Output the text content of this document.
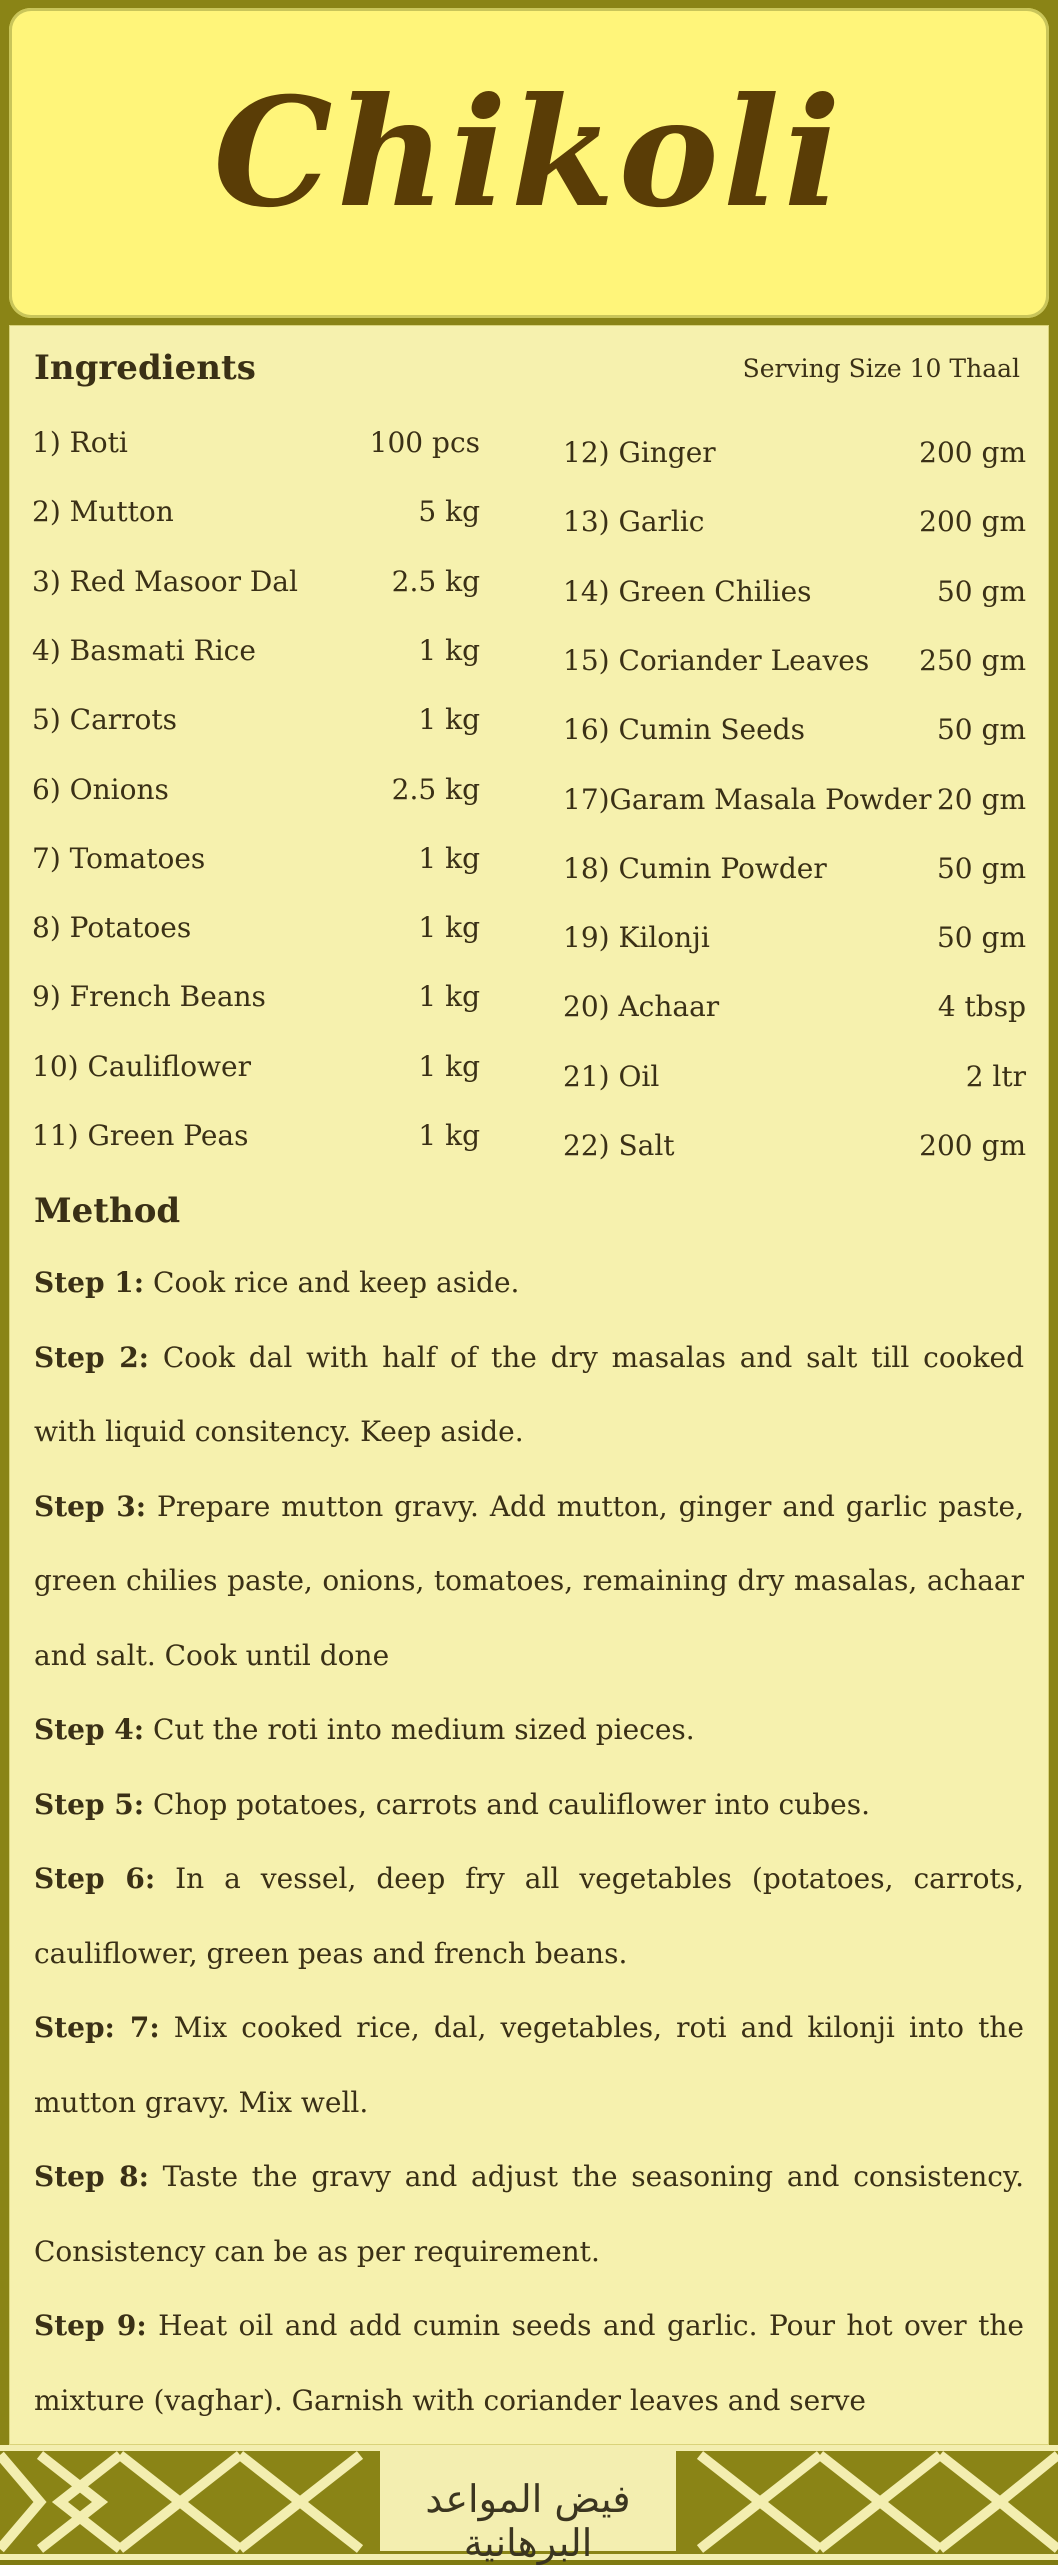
Chikoli
Ingredients	Serving Size 10 Thaal
1) Roti	100 pcs
2) Mutton	5 kg
3) Red Masoor Dal	2.5 kg
4) Basmati Rice	1 kg
5) Carrots	1 kg
6) Onions	2.5 kg
7) Tomatoes	1 kg
8) Potatoes	1 kg
9) French Beans	1 kg
10) Cauliflower	1 kg
11) Green Peas	1 kg
12) Ginger	200 gm
13) Garlic	200 gm
14) Green Chilies	50 gm
15) Coriander Leaves	250 gm
16) Cumin Seeds	50 gm
17)Garam Masala Powder 20 gm
18) Cumin Powder	50 gm
19) Kilonji	50 gm
20) Achaar	4 tbsp
21) Oil	2 ltr
22) Salt	200 gm
Method
Step 1: Cook rice and keep aside.
Step 2: Cook dal with half of the dry masalas and salt till cooked
with liquid consitency. Keep aside.
Step 3: Prepare mutton gravy. Add mutton, ginger and garlic paste,
green chilies paste, onions, tomatoes, remaining dry masalas, achaar
and salt. Cook until done
Step 4: Cut the roti into medium sized pieces.
Step 5: Chop potatoes, carrots and cauliflower into cubes.
Step 6: In a vessel, deep fry all vegetables (potatoes, carrots,
cauliflower, green peas and french beans.
Step: 7: Mix cooked rice, dal, vegetables, roti and kilonji into the
mutton gravy. Mix well.
Step 8: Taste the gravy and adjust the seasoning and consistency.
Consistency can be as per requirement.
Step 9: Heat oil and add cumin seeds and garlic. Pour hot over the
mixture (vaghar). Garnish with coriander leaves and serve
فيض المواعد البرهانية
